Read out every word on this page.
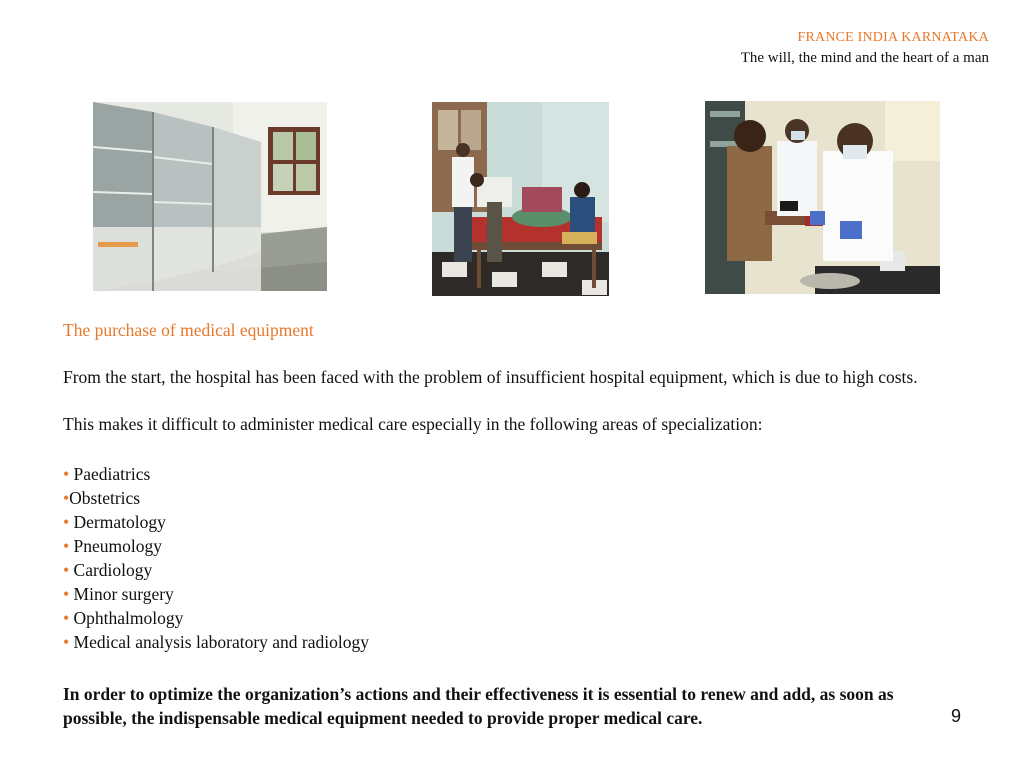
FRANCE INDIA KARNATAKA
The will, the mind and the heart of a man
The purchase of medical equipment

From the start, the hospital has been faced with the problem of insufficient hospital equipment, which is due to high costs.

This makes it difficult to administer medical care especially in the following areas of specialization:

• Paediatrics
•Obstetrics
• Dermatology
• Pneumology
• Cardiology
• Minor surgery
• Ophthalmology
• Medical analysis laboratory and radiology

In order to optimize the organization’s actions and their effectiveness it is essential to renew and add, as soon as possible, the indispensable medical equipment needed to provide proper medical care.	9
